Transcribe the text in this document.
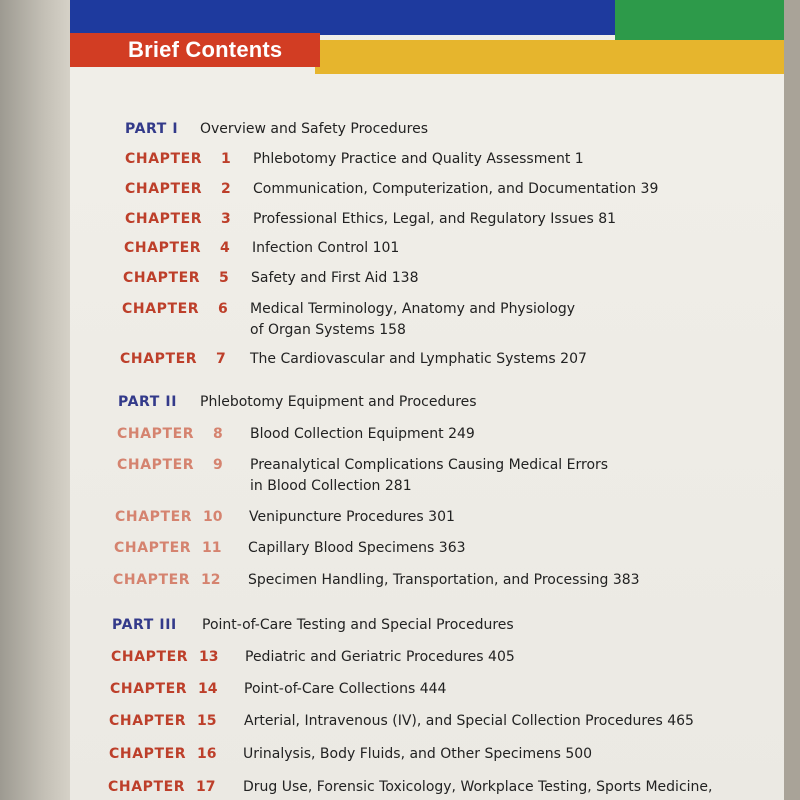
Brief Contents
PART I Overview and Safety Procedures
CHAPTER 1 Phlebotomy Practice and Quality Assessment 1
CHAPTER 2 Communication, Computerization, and Documentation 39
CHAPTER 3 Professional Ethics, Legal, and Regulatory Issues 81
CHAPTER 4 Infection Control 101
CHAPTER 5 Safety and First Aid 138
CHAPTER 6 Medical Terminology, Anatomy and Physiology
of Organ Systems 158
CHAPTER 7 The Cardiovascular and Lymphatic Systems 207
PART II Phlebotomy Equipment and Procedures
CHAPTER 8 Blood Collection Equipment 249
CHAPTER 9 Preanalytical Complications Causing Medical Errors
in Blood Collection 281
CHAPTER 10 Venipuncture Procedures 301
CHAPTER 11 Capillary Blood Specimens 363
CHAPTER 12 Specimen Handling, Transportation, and Processing 383
PART III Point-of-Care Testing and Special Procedures
CHAPTER 13 Pediatric and Geriatric Procedures 405
CHAPTER 14 Point-of-Care Collections 444
CHAPTER 15 Arterial, Intravenous (IV), and Special Collection Procedures 465
CHAPTER 16 Urinalysis, Body Fluids, and Other Specimens 500
CHAPTER 17 Drug Use, Forensic Toxicology, Workplace Testing, Sports Medicine,
